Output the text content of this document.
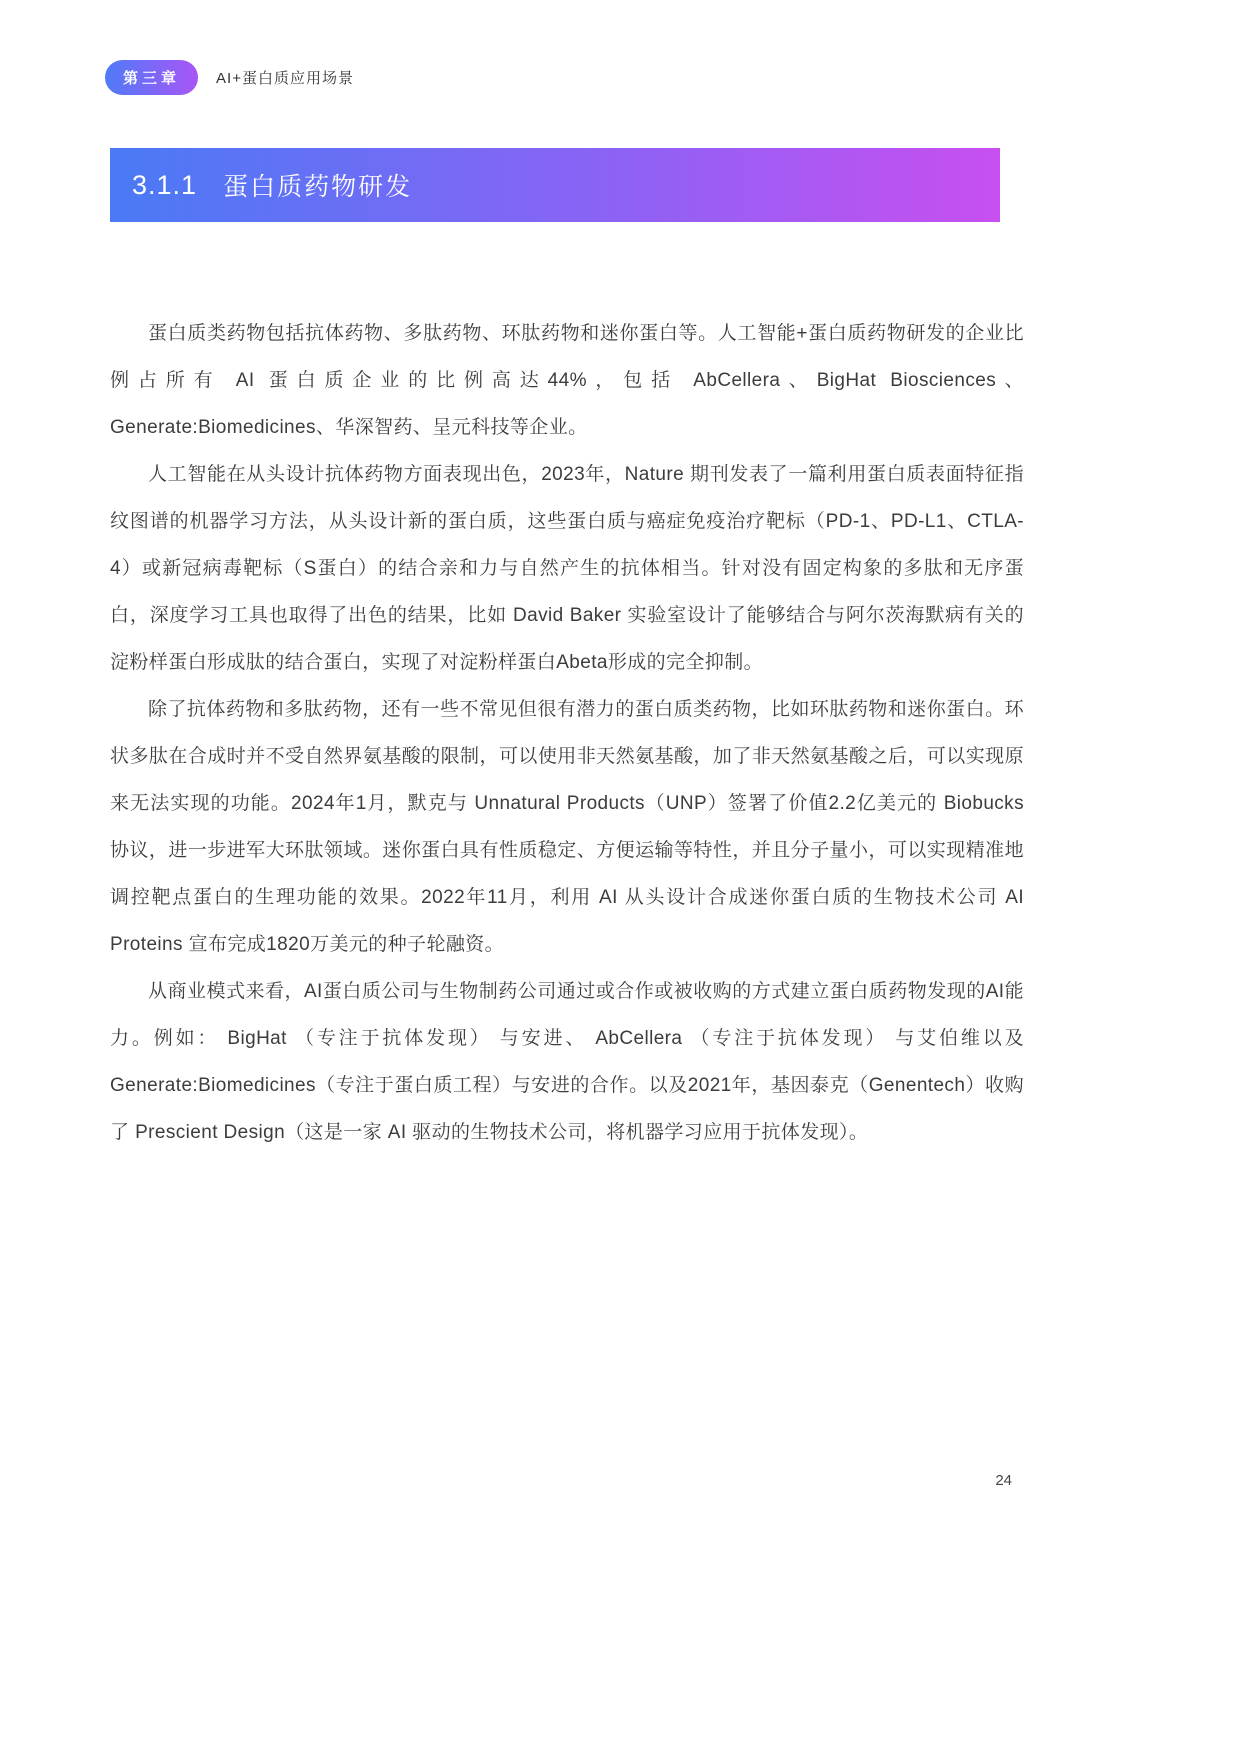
第三章	AI+蛋白质应用场景
3.1.1 蛋白质药物研发

蛋白质类药物包括抗体药物、多肽药物、环肽药物和迷你蛋白等。人工智能+蛋白质药物研发的企业比例占所有 AI 蛋白质企业的比例高达44%，包括 AbCellera、BigHat Biosciences、Generate:Biomedicines、华深智药、呈元科技等企业。

人工智能在从头设计抗体药物方面表现出色，2023年，Nature 期刊发表了一篇利用蛋白质表面特征指纹图谱的机器学习方法，从头设计新的蛋白质，这些蛋白质与癌症免疫治疗靶标（PD-1、PD-L1、CTLA-4）或新冠病毒靶标（S蛋白）的结合亲和力与自然产生的抗体相当。针对没有固定构象的多肽和无序蛋白，深度学习工具也取得了出色的结果，比如 David Baker 实验室设计了能够结合与阿尔茨海默病有关的淀粉样蛋白形成肽的结合蛋白，实现了对淀粉样蛋白Abeta形成的完全抑制。

除了抗体药物和多肽药物，还有一些不常见但很有潜力的蛋白质类药物，比如环肽药物和迷你蛋白。环状多肽在合成时并不受自然界氨基酸的限制，可以使用非天然氨基酸，加了非天然氨基酸之后，可以实现原来无法实现的功能。2024年1月，默克与 Unnatural Products（UNP）签署了价值2.2亿美元的 Biobucks 协议，进一步进军大环肽领域。迷你蛋白具有性质稳定、方便运输等特性，并且分子量小，可以实现精准地调控靶点蛋白的生理功能的效果。2022年11月，利用 AI 从头设计合成迷你蛋白质的生物技术公司 AI Proteins 宣布完成1820万美元的种子轮融资。

从商业模式来看，AI蛋白质公司与生物制药公司通过或合作或被收购的方式建立蛋白质药物发现的AI能力。例如： BigHat （专注于抗体发现） 与安进、 AbCellera （专注于抗体发现） 与艾伯维以及 Generate:Biomedicines（专注于蛋白质工程）与安进的合作。以及2021年，基因泰克（Genentech）收购了 Prescient Design（这是一家 AI 驱动的生物技术公司，将机器学习应用于抗体发现）。

24
